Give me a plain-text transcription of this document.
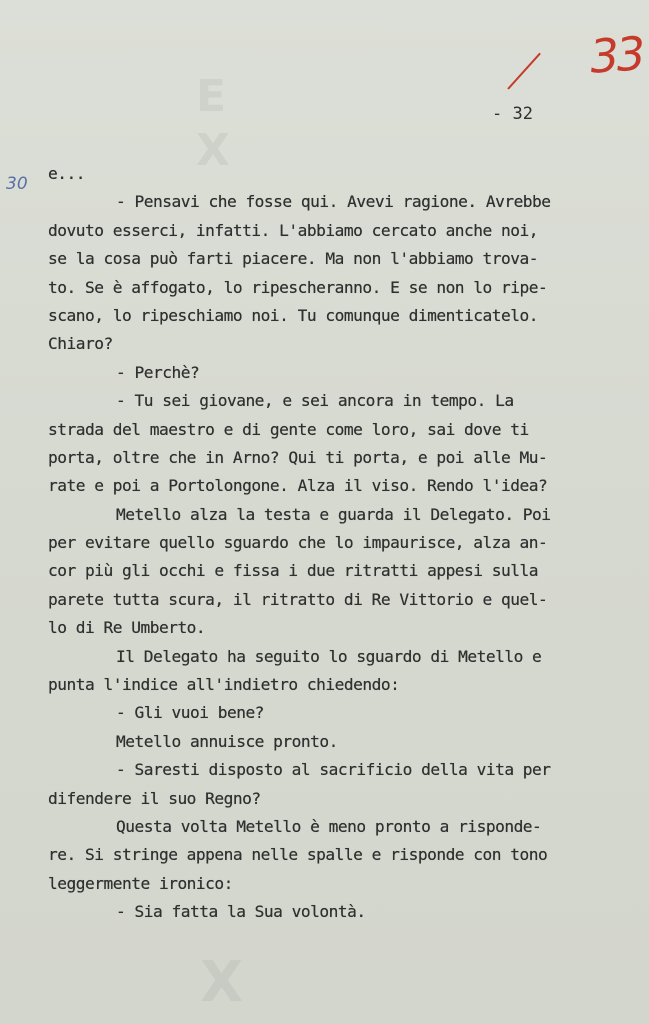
E
X
X
33
- 32
30
e...
- Pensavi che fosse qui. Avevi ragione. Avrebbe
dovuto esserci, infatti. L'abbiamo cercato anche noi,
se la cosa può farti piacere. Ma non l'abbiamo trova-
to. Se è affogato, lo ripescheranno. E se non lo ripe-
scano, lo ripeschiamo noi. Tu comunque dimenticatelo.
Chiaro?
- Perchè?
- Tu sei giovane, e sei ancora in tempo. La
strada del maestro e di gente come loro, sai dove ti
porta, oltre che in Arno? Qui ti porta, e poi alle Mu-
rate e poi a Portolongone. Alza il viso. Rendo l'idea?
Metello alza la testa e guarda il Delegato. Poi
per evitare quello sguardo che lo impaurisce, alza an-
cor più gli occhi e fissa i due ritratti appesi sulla
parete tutta scura, il ritratto di Re Vittorio e quel-
lo di Re Umberto.
Il Delegato ha seguito lo sguardo di Metello e
punta l'indice all'indietro chiedendo:
- Gli vuoi bene?
Metello annuisce pronto.
- Saresti disposto al sacrificio della vita per
difendere il suo Regno?
Questa volta Metello è meno pronto a risponde-
re. Si stringe appena nelle spalle e risponde con tono
leggermente ironico:
- Sia fatta la Sua volontà.
